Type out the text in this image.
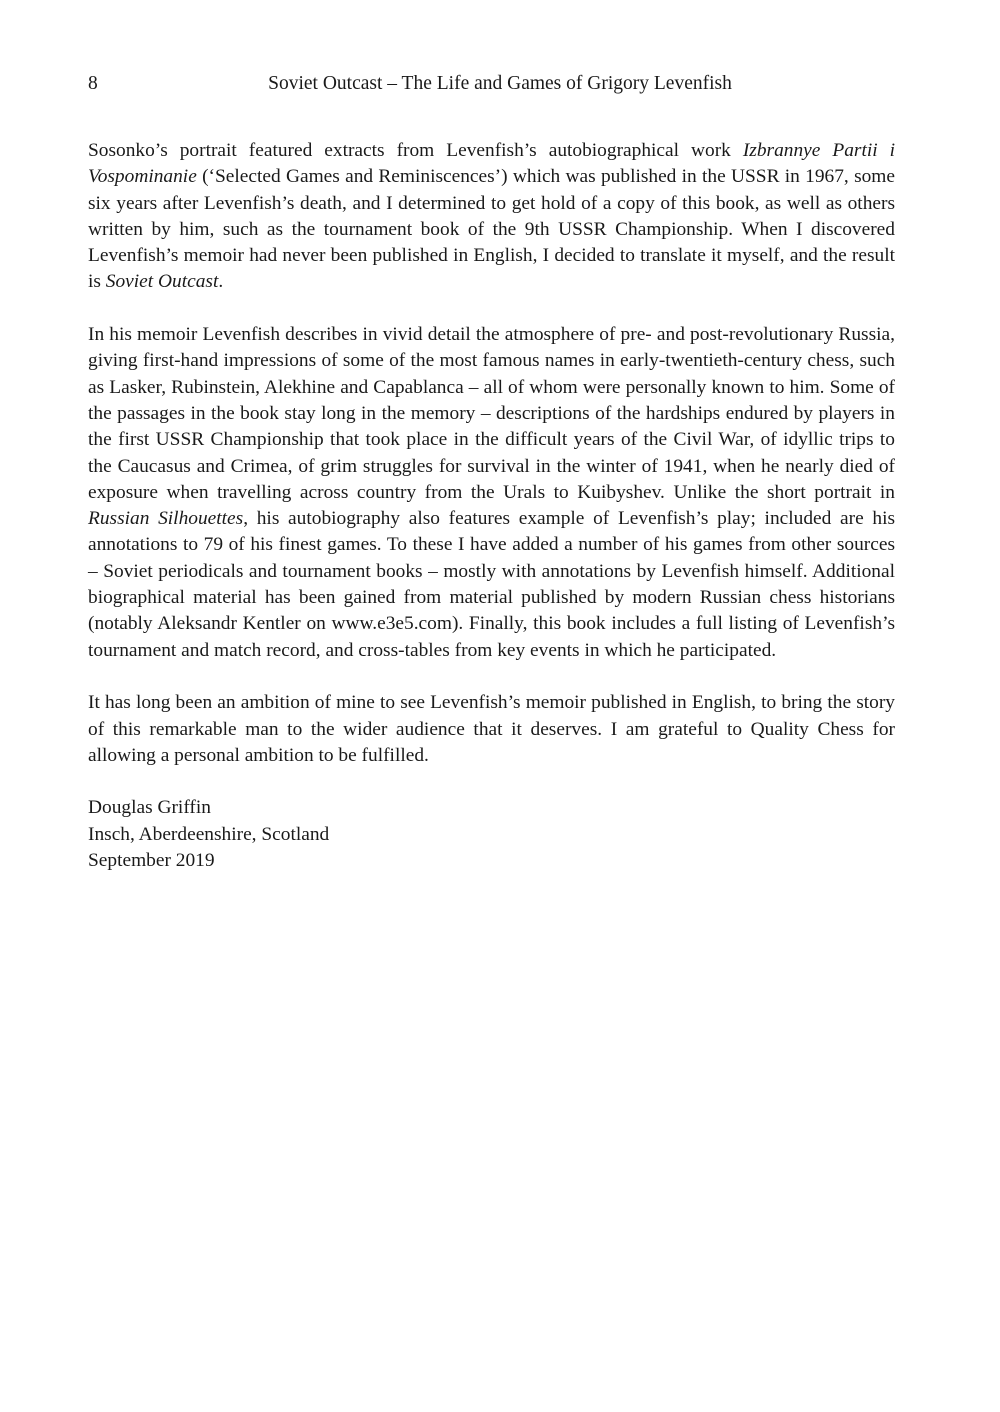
8	Soviet Outcast – The Life and Games of Grigory Levenfish

Sosonko’s portrait featured extracts from Levenfish’s autobiographical work Izbrannye Partii i Vospominanie (‘Selected Games and Reminiscences’) which was published in the USSR in 1967, some six years after Levenfish’s death, and I determined to get hold of a copy of this book, as well as others written by him, such as the tournament book of the 9th USSR Championship. When I discovered Levenfish’s memoir had never been published in English, I decided to translate it myself, and the result is Soviet Outcast.

In his memoir Levenfish describes in vivid detail the atmosphere of pre- and post-revolutionary Russia, giving first-hand impressions of some of the most famous names in early-twentieth-century chess, such as Lasker, Rubinstein, Alekhine and Capablanca – all of whom were personally known to him. Some of the passages in the book stay long in the memory – descriptions of the hardships endured by players in the first USSR Championship that took place in the difficult years of the Civil War, of idyllic trips to the Caucasus and Crimea, of grim struggles for survival in the winter of 1941, when he nearly died of exposure when travelling across country from the Urals to Kuibyshev. Unlike the short portrait in Russian Silhouettes, his autobiography also features example of Levenfish’s play; included are his annotations to 79 of his finest games. To these I have added a number of his games from other sources – Soviet periodicals and tournament books – mostly with annotations by Levenfish himself. Additional biographical material has been gained from material published by modern Russian chess historians (notably Aleksandr Kentler on www.e3e5.com). Finally, this book includes a full listing of Levenfish’s tournament and match record, and cross-tables from key events in which he participated.

It has long been an ambition of mine to see Levenfish’s memoir published in English, to bring the story of this remarkable man to the wider audience that it deserves. I am grateful to Quality Chess for allowing a personal ambition to be fulfilled.

Douglas Griffin
Insch, Aberdeenshire, Scotland
September 2019
